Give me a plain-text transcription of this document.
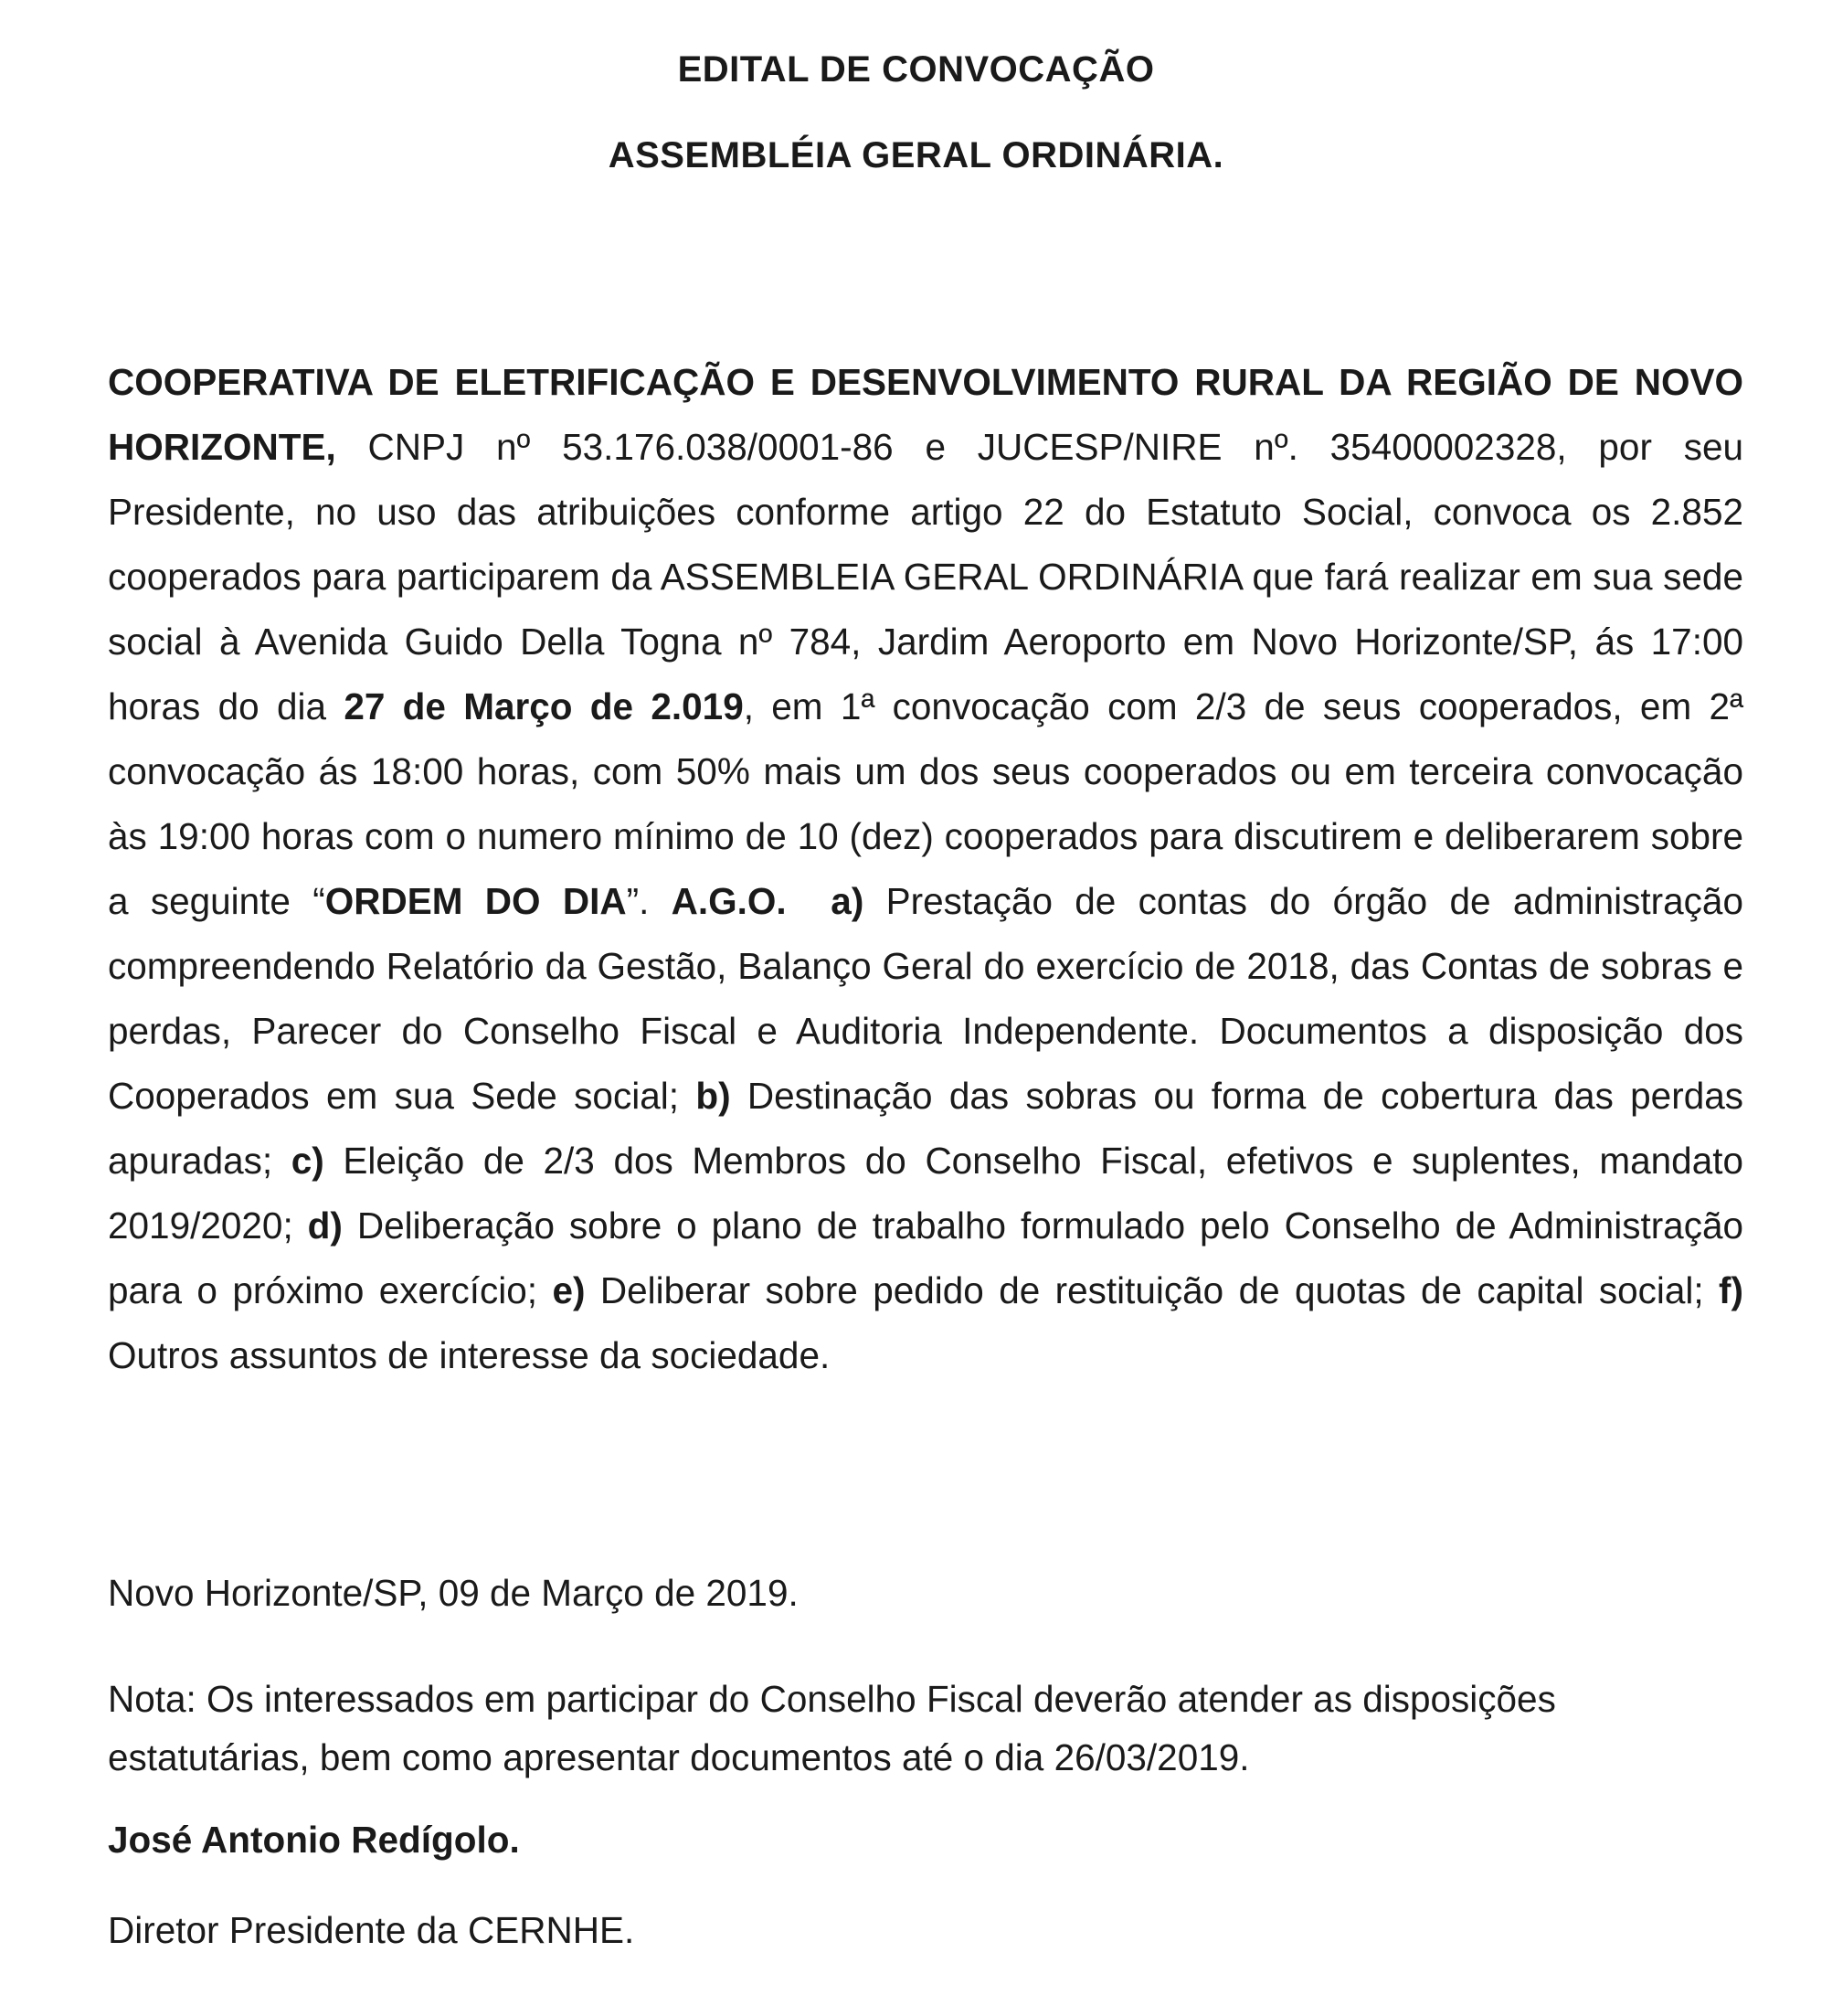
EDITAL DE CONVOCAÇÃO
ASSEMBLÉIA GERAL ORDINÁRIA.

COOPERATIVA DE ELETRIFICAÇÃO E DESENVOLVIMENTO RURAL DA REGIÃO DE NOVO HORIZONTE, CNPJ nº 53.176.038/0001-86 e JUCESP/NIRE nº. 35400002328, por seu Presidente, no uso das atribuições conforme artigo 22 do Estatuto Social, convoca os 2.852 cooperados para participarem da ASSEMBLEIA GERAL ORDINÁRIA que fará realizar em sua sede social à Avenida Guido Della Togna nº 784, Jardim Aeroporto em Novo Horizonte/SP, ás 17:00 horas do dia 27 de Março de 2.019, em 1ª convocação com 2/3 de seus cooperados, em 2ª convocação ás 18:00 horas, com 50% mais um dos seus cooperados ou em terceira convocação às 19:00 horas com o numero mínimo de 10 (dez) cooperados para discutirem e deliberarem sobre a seguinte “ORDEM DO DIA”. A.G.O. a) Prestação de contas do órgão de administração compreendendo Relatório da Gestão, Balanço Geral do exercício de 2018, das Contas de sobras e perdas, Parecer do Conselho Fiscal e Auditoria Independente. Documentos a disposição dos Cooperados em sua Sede social; b) Destinação das sobras ou forma de cobertura das perdas apuradas; c) Eleição de 2/3 dos Membros do Conselho Fiscal, efetivos e suplentes, mandato 2019/2020; d) Deliberação sobre o plano de trabalho formulado pelo Conselho de Administração para o próximo exercício; e) Deliberar sobre pedido de restituição de quotas de capital social; f) Outros assuntos de interesse da sociedade.

Novo Horizonte/SP, 09 de Março de 2019.
Nota: Os interessados em participar do Conselho Fiscal deverão atender as disposições estatutárias, bem como apresentar documentos até o dia 26/03/2019.
José Antonio Redígolo.
Diretor Presidente da CERNHE.
